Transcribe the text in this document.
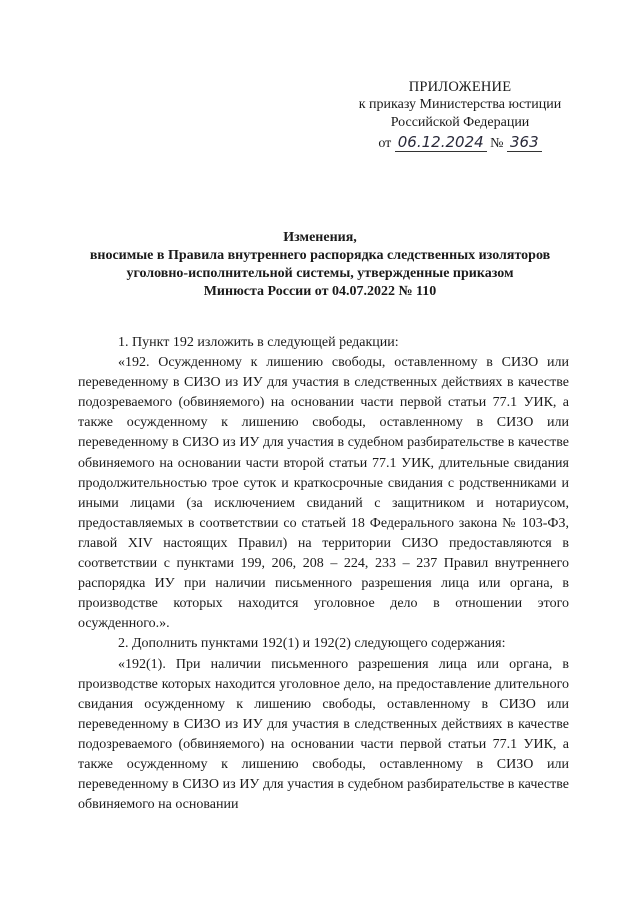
ПРИЛОЖЕНИЕ
к приказу Министерства юстиции
Российской Федерации
от 06.12.2024 № 363
Изменения,
вносимые в Правила внутреннего распорядка следственных изоляторов
уголовно-исполнительной системы, утвержденные приказом
Минюста России от 04.07.2022 № 110

1. Пункт 192 изложить в следующей редакции:

«192. Осужденному к лишению свободы, оставленному в СИЗО или переведенному в СИЗО из ИУ для участия в следственных действиях в качестве подозреваемого (обвиняемого) на основании части первой статьи 77.1 УИК, а также осужденному к лишению свободы, оставленному в СИЗО или переведенному в СИЗО из ИУ для участия в судебном разбирательстве в качестве обвиняемого на основании части второй статьи 77.1 УИК, длительные свидания продолжительностью трое суток и краткосрочные свидания с родственниками и иными лицами (за исключением свиданий с защитником и нотариусом, предоставляемых в соответствии со статьей 18 Федерального закона № 103-ФЗ, главой XIV настоящих Правил) на территории СИЗО предоставляются в соответствии с пунктами 199, 206, 208 – 224, 233 – 237 Правил внутреннего распорядка ИУ при наличии письменного разрешения лица или органа, в производстве которых находится уголовное дело в отношении этого осужденного.».

2. Дополнить пунктами 192(1) и 192(2) следующего содержания:

«192(1). При наличии письменного разрешения лица или органа, в производстве которых находится уголовное дело, на предоставление длительного свидания осужденному к лишению свободы, оставленному в СИЗО или переведенному в СИЗО из ИУ для участия в следственных действиях в качестве подозреваемого (обвиняемого) на основании части первой статьи 77.1 УИК, а также осужденному к лишению свободы, оставленному в СИЗО или переведенному в СИЗО из ИУ для участия в судебном разбирательстве в качестве обвиняемого на основании
